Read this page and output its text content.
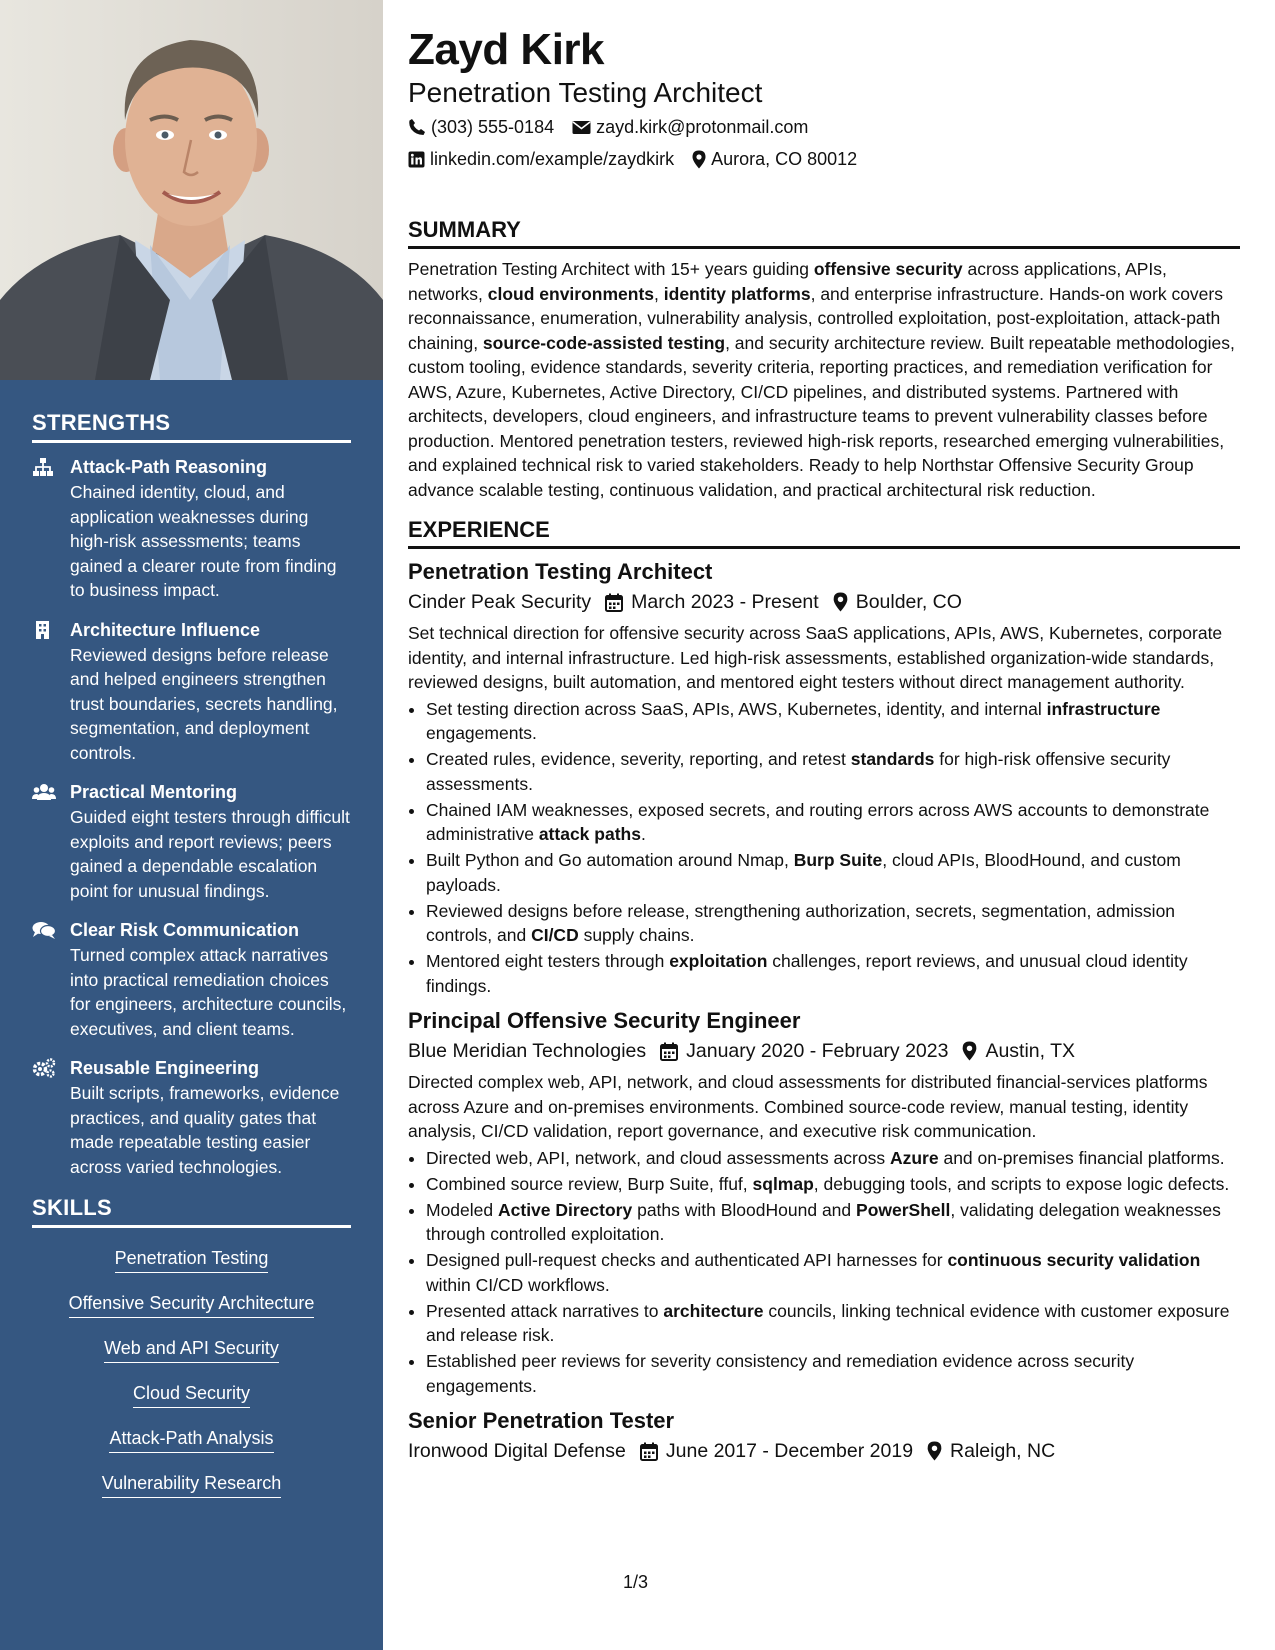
STRENGTHS
Attack-Path Reasoning
Chained identity, cloud, and application weaknesses during high-risk assessments; teams gained a clearer route from finding to business impact.
Architecture Influence
Reviewed designs before release and helped engineers strengthen trust boundaries, secrets handling, segmentation, and deployment controls.
Practical Mentoring
Guided eight testers through difficult exploits and report reviews; peers gained a dependable escalation point for unusual findings.
Clear Risk Communication
Turned complex attack narratives into practical remediation choices for engineers, architecture councils, executives, and client teams.
Reusable Engineering
Built scripts, frameworks, evidence practices, and quality gates that made repeatable testing easier across varied technologies.
SKILLS
Penetration Testing
Offensive Security Architecture
Web and API Security
Cloud Security
Attack-Path Analysis
Vulnerability Research
Zayd Kirk
Penetration Testing Architect
(303) 555-0184 zayd.kirk@protonmail.com
linkedin.com/example/zaydkirk Aurora, CO 80012
SUMMARY
Penetration Testing Architect with 15+ years guiding offensive security across applications, APIs, networks, cloud environments, identity platforms, and enterprise infrastructure. Hands-on work covers reconnaissance, enumeration, vulnerability analysis, controlled exploitation, post-exploitation, attack-path chaining, source-code-assisted testing, and security architecture review. Built repeatable methodologies, custom tooling, evidence standards, severity criteria, reporting practices, and remediation verification for AWS, Azure, Kubernetes, Active Directory, CI/CD pipelines, and distributed systems. Partnered with architects, developers, cloud engineers, and infrastructure teams to prevent vulnerability classes before production. Mentored penetration testers, reviewed high-risk reports, researched emerging vulnerabilities, and explained technical risk to varied stakeholders. Ready to help Northstar Offensive Security Group advance scalable testing, continuous validation, and practical architectural risk reduction.
EXPERIENCE
Penetration Testing Architect
Cinder Peak Security March 2023 - Present Boulder, CO
Set technical direction for offensive security across SaaS applications, APIs, AWS, Kubernetes, corporate identity, and internal infrastructure. Led high-risk assessments, established organization-wide standards, reviewed designs, built automation, and mentored eight testers without direct management authority.
• Set testing direction across SaaS, APIs, AWS, Kubernetes, identity, and internal infrastructure engagements.
• Created rules, evidence, severity, reporting, and retest standards for high-risk offensive security assessments.
• Chained IAM weaknesses, exposed secrets, and routing errors across AWS accounts to demonstrate administrative attack paths.
• Built Python and Go automation around Nmap, Burp Suite, cloud APIs, BloodHound, and custom payloads.
• Reviewed designs before release, strengthening authorization, secrets, segmentation, admission controls, and CI/CD supply chains.
• Mentored eight testers through exploitation challenges, report reviews, and unusual cloud identity findings.
Principal Offensive Security Engineer
Blue Meridian Technologies January 2020 - February 2023 Austin, TX
Directed complex web, API, network, and cloud assessments for distributed financial-services platforms across Azure and on-premises environments. Combined source-code review, manual testing, identity analysis, CI/CD validation, report governance, and executive risk communication.
• Directed web, API, network, and cloud assessments across Azure and on-premises financial platforms.
• Combined source review, Burp Suite, ffuf, sqlmap, debugging tools, and scripts to expose logic defects.
• Modeled Active Directory paths with BloodHound and PowerShell, validating delegation weaknesses through controlled exploitation.
• Designed pull-request checks and authenticated API harnesses for continuous security validation within CI/CD workflows.
• Presented attack narratives to architecture councils, linking technical evidence with customer exposure and release risk.
• Established peer reviews for severity consistency and remediation evidence across security engagements.
Senior Penetration Tester
Ironwood Digital Defense June 2017 - December 2019 Raleigh, NC
1/3
